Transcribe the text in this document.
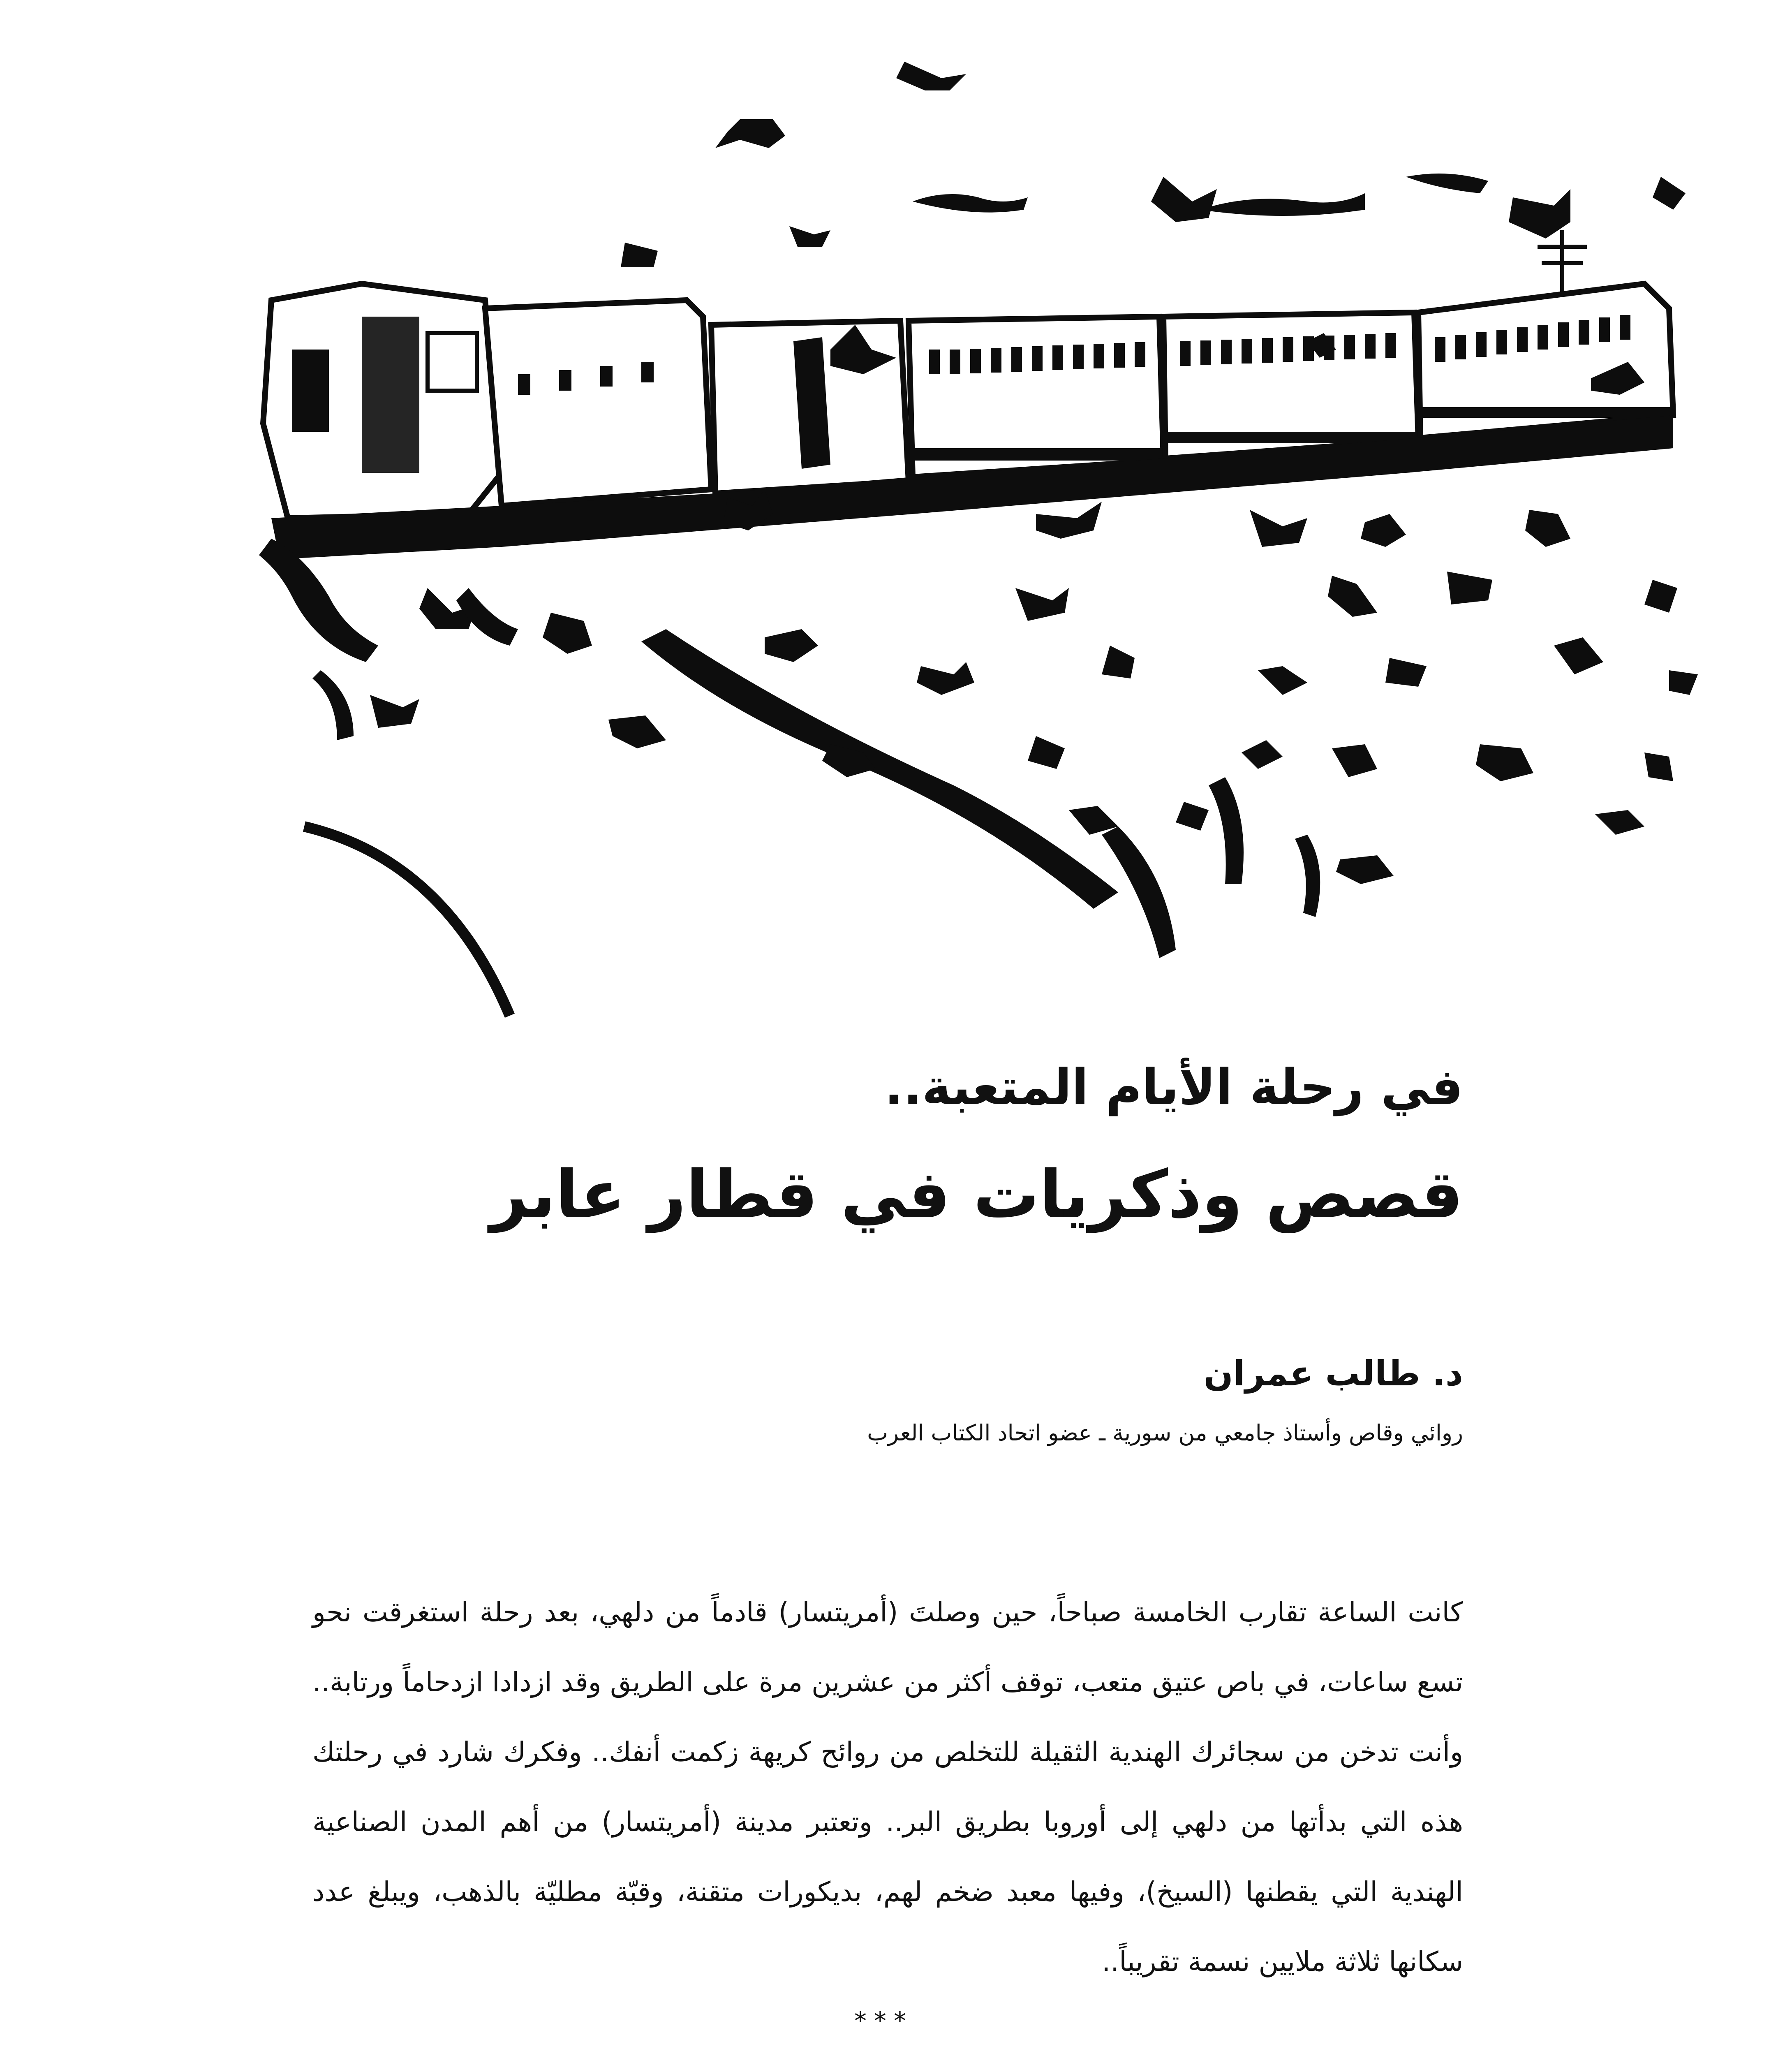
في رحلة الأيام المتعبة..
قصص وذكريات في قطار عابر

د. طالب عمران

روائي وقاص وأستاذ جامعي من سورية ـ عضو اتحاد الكتاب العرب

كانت الساعة تقارب الخامسة صباحاً، حين وصلتَ (أمريتسار) قادماً من دلهي، بعد رحلة استغرقت نحو تسع ساعات، في باص عتيق متعب، توقف أكثر من عشرين مرة على الطريق وقد ازدادا ازدحاماً ورتابة.. وأنت تدخن من سجائرك الهندية الثقيلة للتخلص من روائح كريهة زكمت أنفك.. وفكرك شارد في رحلتك هذه التي بدأتها من دلهي إلى أوروبا بطريق البر.. وتعتبر مدينة (أمريتسار) من أهم المدن الصناعية الهندية التي يقطنها (السيخ)، وفيها معبد ضخم لهم، بديكورات متقنة، وقبّة مطليّة بالذهب، ويبلغ عدد سكانها ثلاثة ملايين نسمة تقريباً..

***
